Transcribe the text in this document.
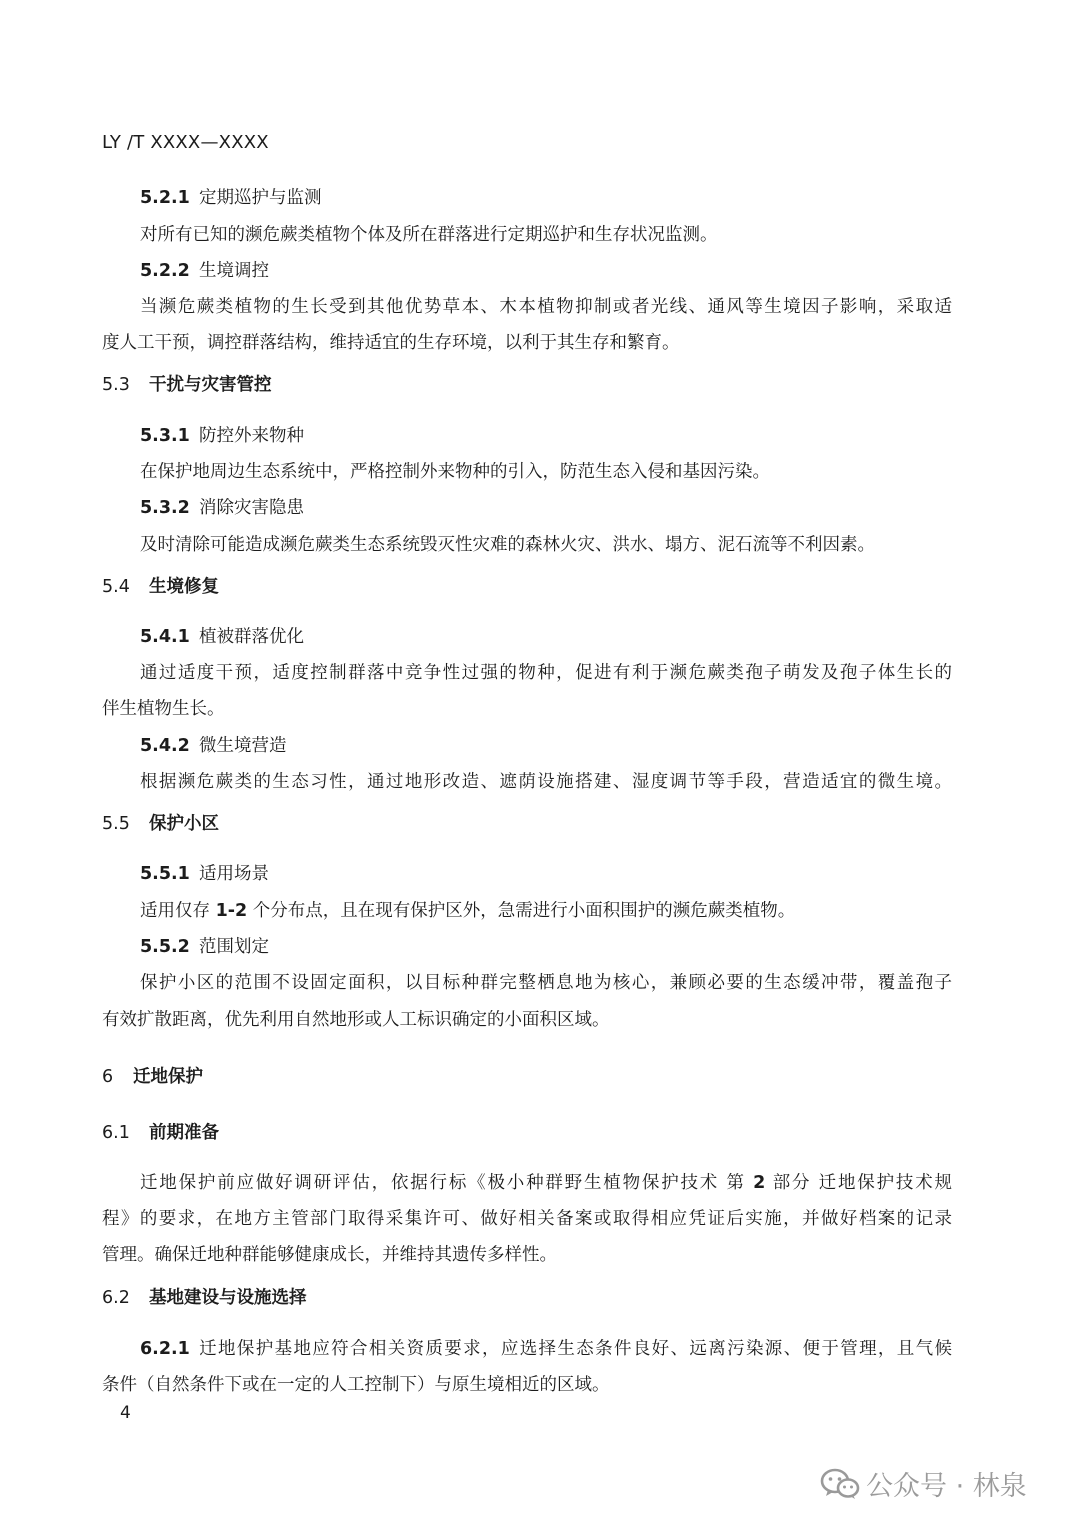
LY /T XXXX—XXXX
5.2.1 定期巡护与监测
对所有已知的濒危蕨类植物个体及所在群落进行定期巡护和生存状况监测。
5.2.2 生境调控
当濒危蕨类植物的生长受到其他优势草本、木本植物抑制或者光线、通风等生境因子影响，采取适
度人工干预，调控群落结构，维持适宜的生存环境，以利于其生存和繁育。
5.3 干扰与灾害管控
5.3.1 防控外来物种
在保护地周边生态系统中，严格控制外来物种的引入，防范生态入侵和基因污染。
5.3.2 消除灾害隐患
及时清除可能造成濒危蕨类生态系统毁灭性灾难的森林火灾、洪水、塌方、泥石流等不利因素。
5.4 生境修复
5.4.1 植被群落优化
通过适度干预，适度控制群落中竞争性过强的物种，促进有利于濒危蕨类孢子萌发及孢子体生长的
伴生植物生长。
5.4.2 微生境营造
根据濒危蕨类的生态习性，通过地形改造、遮荫设施搭建、湿度调节等手段，营造适宜的微生境。
5.5 保护小区
5.5.1 适用场景
适用仅存 1-2 个分布点，且在现有保护区外，急需进行小面积围护的濒危蕨类植物。
5.5.2 范围划定
保护小区的范围不设固定面积，以目标种群完整栖息地为核心，兼顾必要的生态缓冲带，覆盖孢子
有效扩散距离，优先利用自然地形或人工标识确定的小面积区域。
6 迁地保护
6.1 前期准备
迁地保护前应做好调研评估，依据行标《极小种群野生植物保护技术 第 2 部分 迁地保护技术规
程》的要求，在地方主管部门取得采集许可、做好相关备案或取得相应凭证后实施，并做好档案的记录
管理。确保迁地种群能够健康成长，并维持其遗传多样性。
6.2 基地建设与设施选择
6.2.1 迁地保护基地应符合相关资质要求，应选择生态条件良好、远离污染源、便于管理，且气候
条件（自然条件下或在一定的人工控制下）与原生境相近的区域。
4
公众号 · 林泉
